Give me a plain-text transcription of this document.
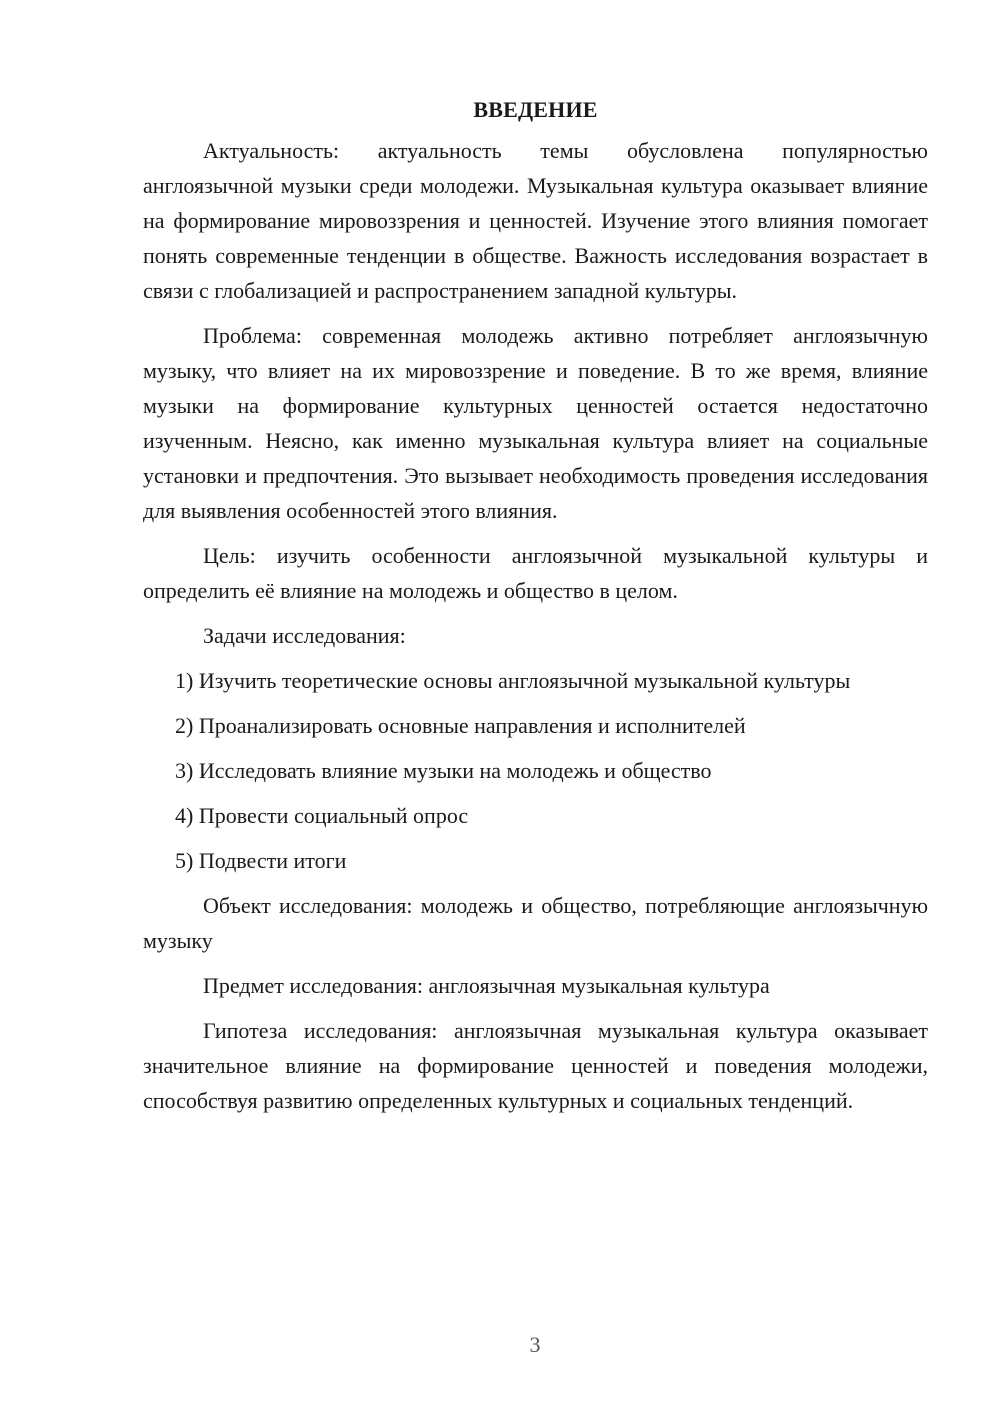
ВВЕДЕНИЕ

Актуальность: актуальность темы обусловлена популярностью англоязычной музыки среди молодежи. Музыкальная культура оказывает влияние на формирование мировоззрения и ценностей. Изучение этого влияния помогает понять современные тенденции в обществе. Важность исследования возрастает в связи с глобализацией и распространением западной культуры.

Проблема: современная молодежь активно потребляет англоязычную музыку, что влияет на их мировоззрение и поведение. В то же время, влияние музыки на формирование культурных ценностей остается недостаточно изученным. Неясно, как именно музыкальная культура влияет на социальные установки и предпочтения. Это вызывает необходимость проведения исследования для выявления особенностей этого влияния.

Цель: изучить особенности англоязычной музыкальной культуры и определить её влияние на молодежь и общество в целом.

Задачи исследования:

1) Изучить теоретические основы англоязычной музыкальной культуры

2) Проанализировать основные направления и исполнителей

3) Исследовать влияние музыки на молодежь и общество

4) Провести социальный опрос

5) Подвести итоги

Объект исследования: молодежь и общество, потребляющие англоязычную музыку

Предмет исследования: англоязычная музыкальная культура

Гипотеза исследования: англоязычная музыкальная культура оказывает значительное влияние на формирование ценностей и поведения молодежи, способствуя развитию определенных культурных и социальных тенденций.

3
